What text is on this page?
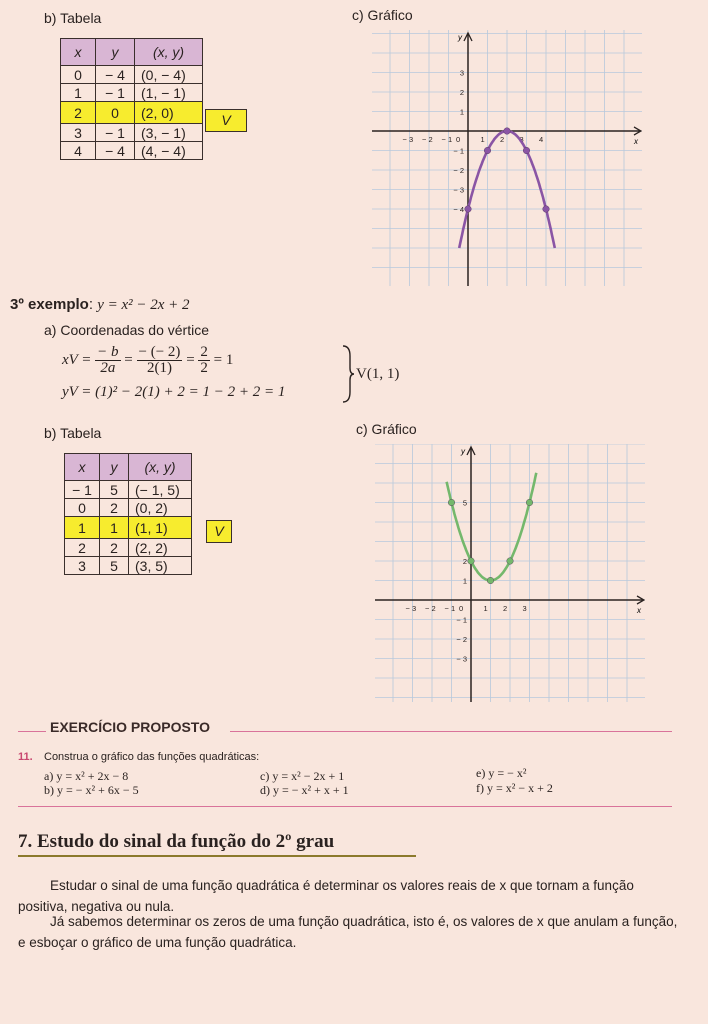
b) Tabela
x	y	(x, y)
0	− 4	(0, − 4)
1	− 1	(1, − 1)
2	0	(2, 0)
3	− 1	(3, − 1)
4	− 4	(4, − 4)
V
c) Gráfico
x
y
− 3 − 2 − 1 0	1 2 3 4
3
2
1
− 1
− 2
− 3
− 4
3º exemplo: y = x² − 2x + 2
a) Coordenadas do vértice
xV = $\frac{- b}{2a} = \frac{- (- 2)}{2(1)} = \frac{2}{2} = 1$
yV = (1)² − 2(1) + 2 = 1 − 2 + 2 = 1
V(1, 1)
b) Tabela
x	y	(x, y)
− 1	5	(− 1, 5)
0	2	(0, 2)
1	1	(1, 1)
2	2	(2, 2)
3	5	(3, 5)
V
c) Gráfico
x
y
− 3 − 2 − 1 0	1 2 3
5
2
1
− 1
− 2
− 3
EXERCÍCIO PROPOSTO
11. Construa o gráfico das funções quadráticas:
a) y = x² + 2x − 8
b) y = − x² + 6x − 5
c) y = x² − 2x + 1
d) y = − x² + x + 1
e) y = − x²
f) y = x² − x + 2
7. Estudo do sinal da função do 2º grau
Estudar o sinal de uma função quadrática é determinar os valores reais de x que tornam a função positiva, negativa ou nula.
Já sabemos determinar os zeros de uma função quadrática, isto é, os valores de x que anulam a função, e esboçar o gráfico de uma função quadrática.
